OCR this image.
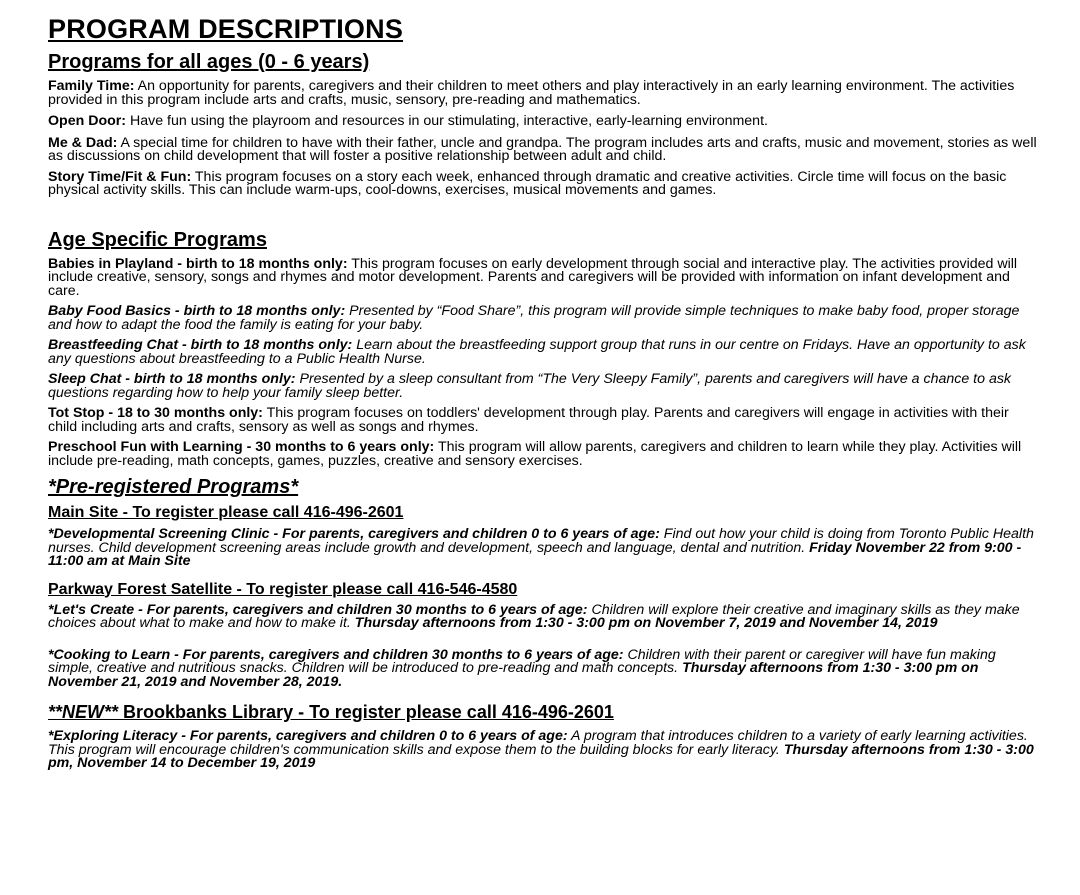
PROGRAM DESCRIPTIONS
Programs for all ages (0 - 6 years)

Family Time: An opportunity for parents, caregivers and their children to meet others and play interactively in an early learning environment. The activities provided in this program include arts and crafts, music, sensory, pre-reading and mathematics.

Open Door: Have fun using the playroom and resources in our stimulating, interactive, early-learning environment.

Me & Dad: A special time for children to have with their father, uncle and grandpa. The program includes arts and crafts, music and movement, stories as well as discussions on child development that will foster a positive relationship between adult and child.

Story Time/Fit & Fun: This program focuses on a story each week, enhanced through dramatic and creative activities. Circle time will focus on the basic physical activity skills. This can include warm-ups, cool-downs, exercises, musical movements and games.

Age Specific Programs

Babies in Playland - birth to 18 months only: This program focuses on early development through social and interactive play. The activities provided will include creative, sensory, songs and rhymes and motor development. Parents and caregivers will be provided with information on infant development and care.

Baby Food Basics - birth to 18 months only: Presented by “Food Share”, this program will provide simple techniques to make baby food, proper storage and how to adapt the food the family is eating for your baby.

Breastfeeding Chat - birth to 18 months only: Learn about the breastfeeding support group that runs in our centre on Fridays. Have an opportunity to ask any questions about breastfeeding to a Public Health Nurse.

Sleep Chat - birth to 18 months only: Presented by a sleep consultant from “The Very Sleepy Family”, parents and caregivers will have a chance to ask questions regarding how to help your family sleep better.

Tot Stop - 18 to 30 months only: This program focuses on toddlers' development through play. Parents and caregivers will engage in activities with their child including arts and crafts, sensory as well as songs and rhymes.

Preschool Fun with Learning - 30 months to 6 years only: This program will allow parents, caregivers and children to learn while they play. Activities will include pre-reading, math concepts, games, puzzles, creative and sensory exercises.

*Pre-registered Programs*
Main Site - To register please call 416-496-2601

*Developmental Screening Clinic - For parents, caregivers and children 0 to 6 years of age: Find out how your child is doing from Toronto Public Health nurses. Child development screening areas include growth and development, speech and language, dental and nutrition. Friday November 22 from 9:00 - 11:00 am at Main Site

Parkway Forest Satellite - To register please call 416-546-4580

*Let's Create - For parents, caregivers and children 30 months to 6 years of age: Children will explore their creative and imaginary skills as they make choices about what to make and how to make it. Thursday afternoons from 1:30 - 3:00 pm on November 7, 2019 and November 14, 2019

*Cooking to Learn - For parents, caregivers and children 30 months to 6 years of age: Children with their parent or caregiver will have fun making simple, creative and nutritious snacks. Children will be introduced to pre-reading and math concepts. Thursday afternoons from 1:30 - 3:00 pm on November 21, 2019 and November 28, 2019.

**NEW** Brookbanks Library - To register please call 416-496-2601

*Exploring Literacy - For parents, caregivers and children 0 to 6 years of age: A program that introduces children to a variety of early learning activities. This program will encourage children's communication skills and expose them to the building blocks for early literacy. Thursday afternoons from 1:30 - 3:00 pm, November 14 to December 19, 2019
